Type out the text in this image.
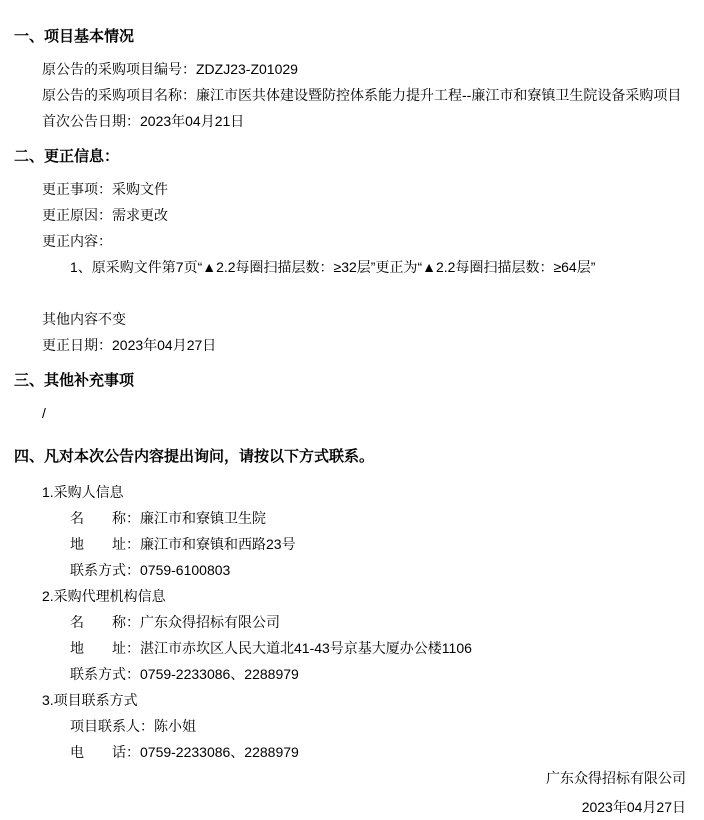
一、项目基本情况

原公告的采购项目编号：ZDZJ23-Z01029

原公告的采购项目名称：廉江市医共体建设暨防控体系能力提升工程--廉江市和寮镇卫生院设备采购项目

首次公告日期：2023年04月21日

二、更正信息：

更正事项：采购文件

更正原因：需求更改

更正内容：

1、原采购文件第7页“▲2.2每圈扫描层数：≥32层”更正为“▲2.2每圈扫描层数：≥64层”

其他内容不变

更正日期：2023年04月27日

三、其他补充事项

/

四、凡对本次公告内容提出询问，请按以下方式联系。

1.采购人信息

名　　称：廉江市和寮镇卫生院

地　　址：廉江市和寮镇和西路23号

联系方式：0759-6100803

2.采购代理机构信息

名　　称：广东众得招标有限公司

地　　址：湛江市赤坎区人民大道北41-43号京基大厦办公楼1106

联系方式：0759-2233086、2288979

3.项目联系方式

项目联系人：陈小姐

电　　话：0759-2233086、2288979

广东众得招标有限公司

2023年04月27日
